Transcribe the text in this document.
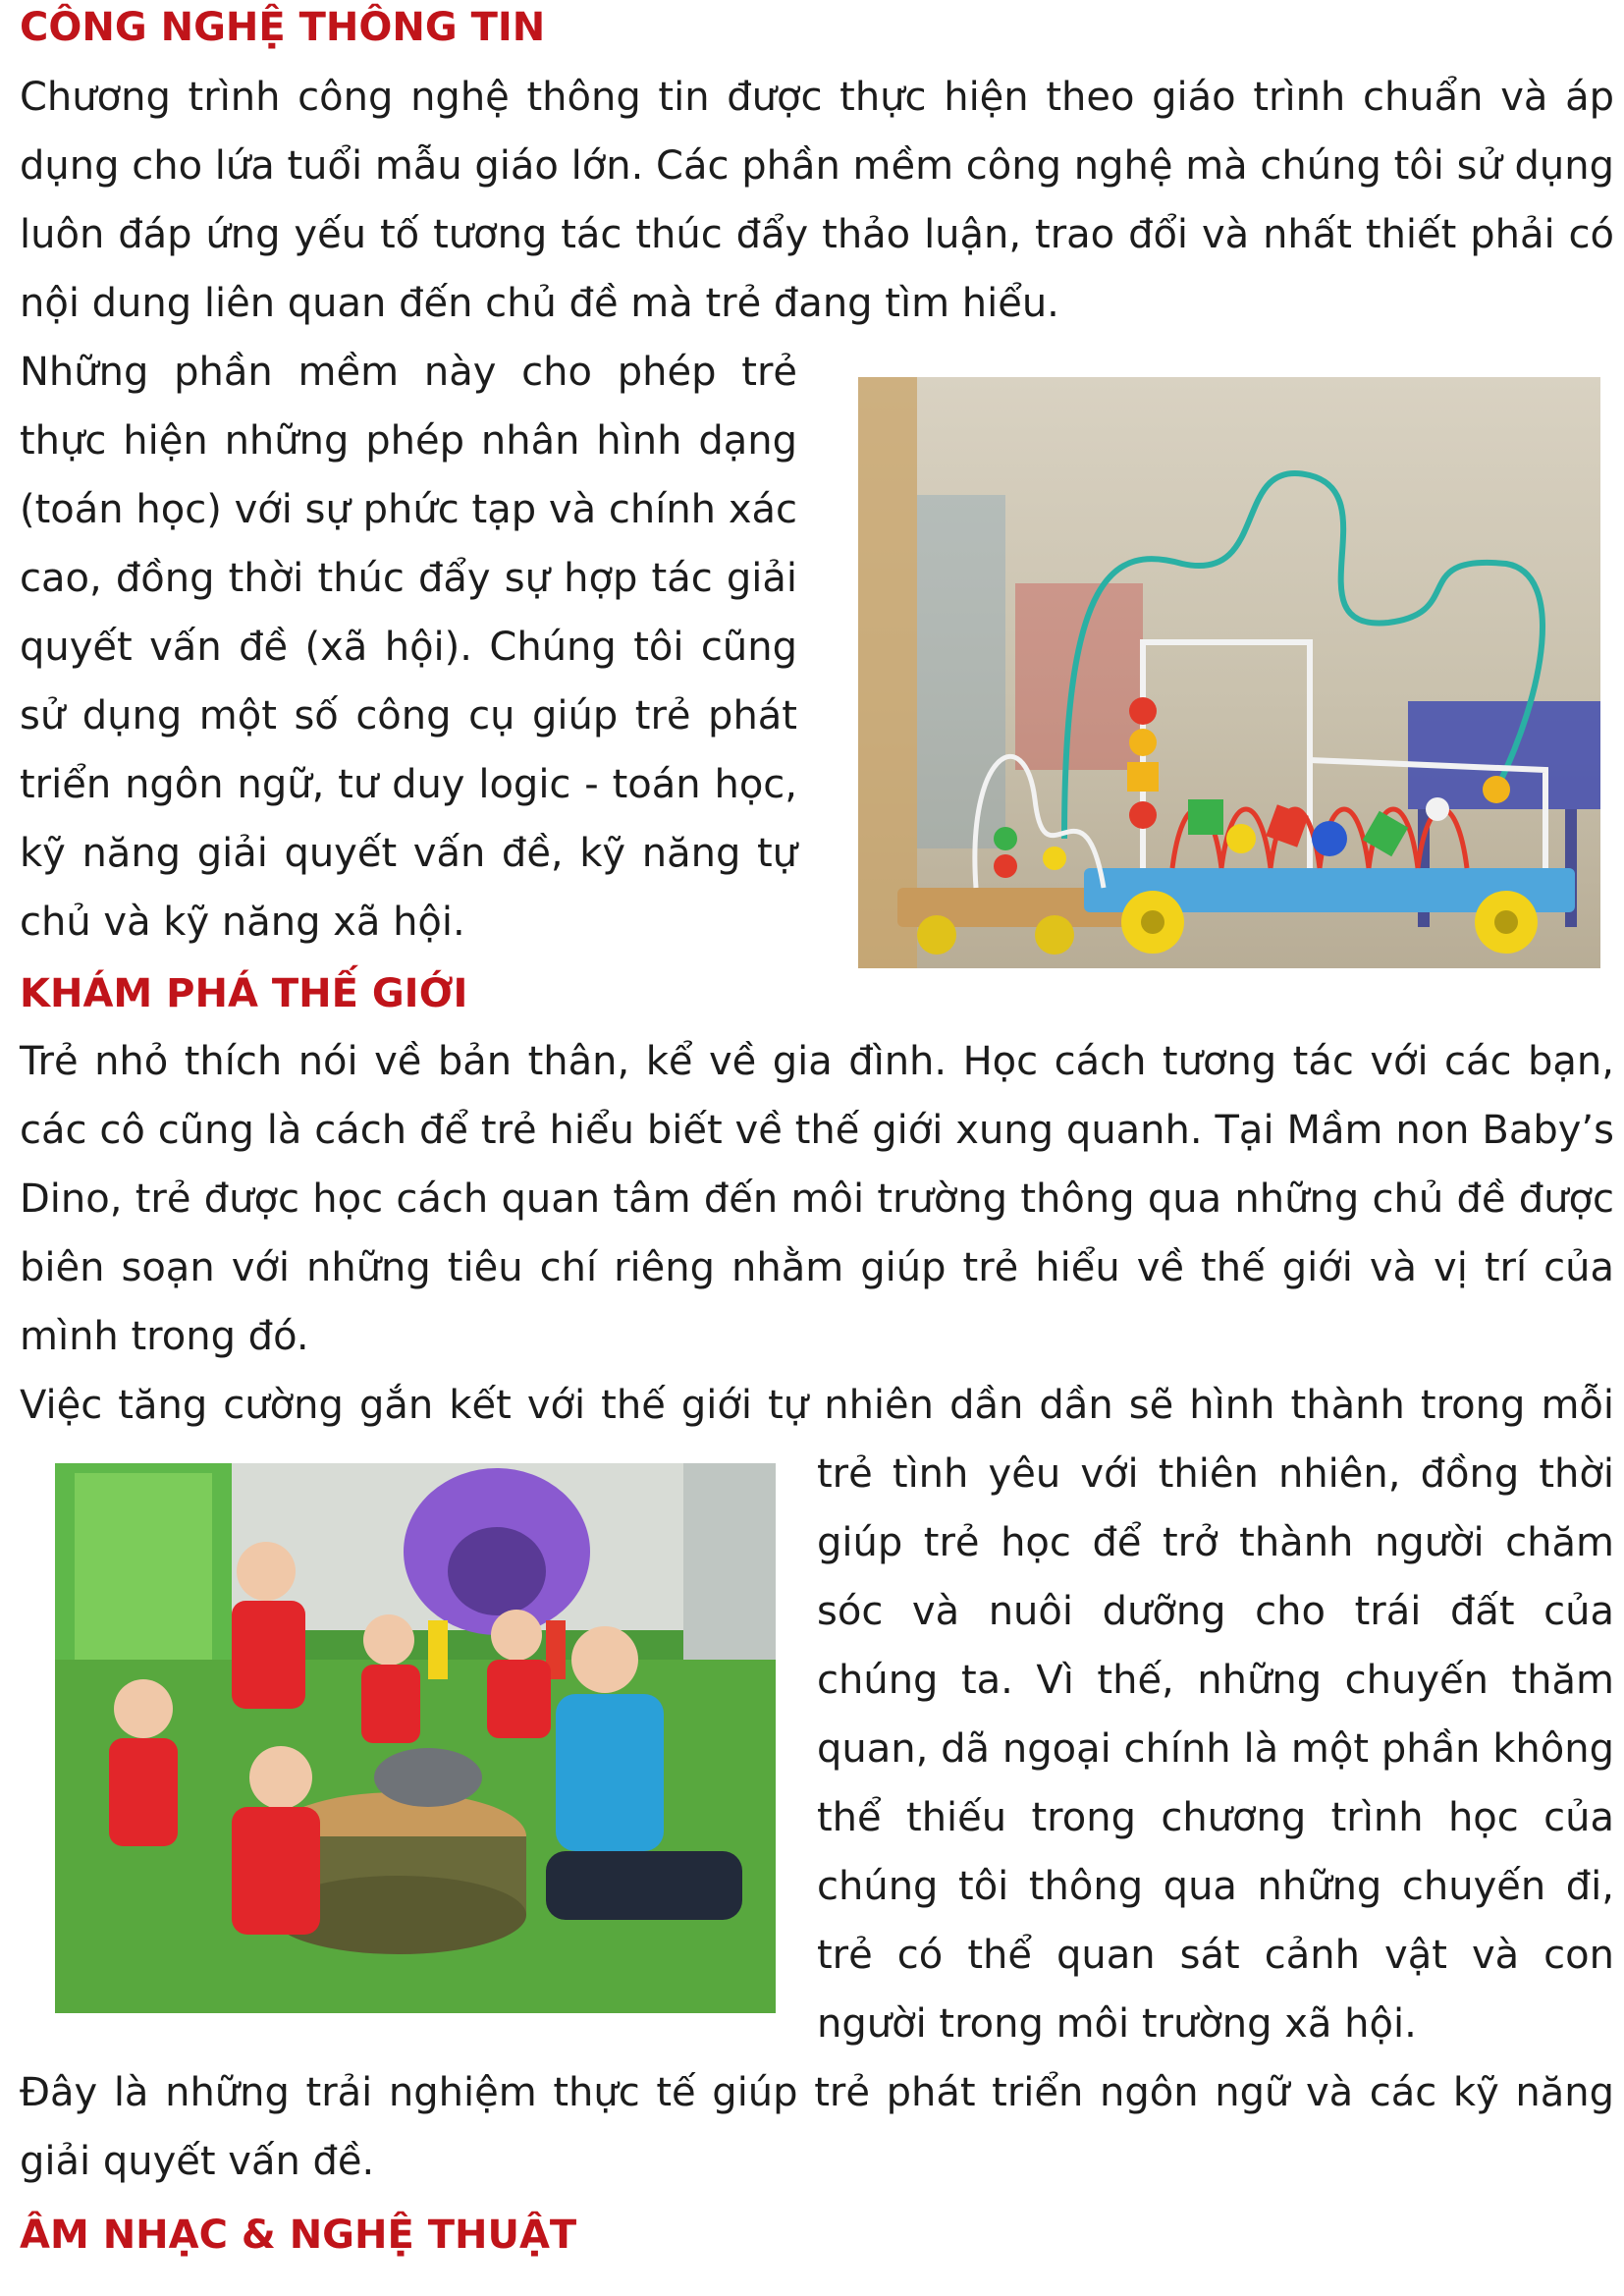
CÔNG NGHỆ THÔNG TIN

Chương trình công nghệ thông tin được thực hiện theo giáo trình chuẩn và áp dụng cho lứa tuổi mẫu giáo lớn. Các phần mềm công nghệ mà chúng tôi sử dụng luôn đáp ứng yếu tố tương tác thúc đẩy thảo luận, trao đổi và nhất thiết phải có nội dung liên quan đến chủ đề mà trẻ đang tìm hiểu.

Những phần mềm này cho phép trẻ thực hiện những phép nhân hình dạng (toán học) với sự phức tạp và chính xác cao, đồng thời thúc đẩy sự hợp tác giải quyết vấn đề (xã hội). Chúng tôi cũng sử dụng một số công cụ giúp trẻ phát triển ngôn ngữ, tư duy logic - toán học, kỹ năng giải quyết vấn đề, kỹ năng tự chủ và kỹ năng xã hội.

KHÁM PHÁ THẾ GIỚI

Trẻ nhỏ thích nói về bản thân, kể về gia đình. Học cách tương tác với các bạn, các cô cũng là cách để trẻ hiểu biết về thế giới xung quanh. Tại Mầm non Baby’s Dino, trẻ được học cách quan tâm đến môi trường thông qua những chủ đề được biên soạn với những tiêu chí riêng nhằm giúp trẻ hiểu về thế giới và vị trí của mình trong đó.

Việc tăng cường gắn kết với thế giới tự nhiên dần dần sẽ hình thành trong mỗi

trẻ tình yêu với thiên nhiên, đồng thời giúp trẻ học để trở thành người chăm sóc và nuôi dưỡng cho trái đất của chúng ta. Vì thế, những chuyến thăm quan, dã ngoại chính là một phần không thể thiếu trong chương trình học của chúng tôi thông qua những chuyến đi, trẻ có thể quan sát cảnh vật và con người trong môi trường xã hội.

Đây là những trải nghiệm thực tế giúp trẻ phát triển ngôn ngữ và các kỹ năng giải quyết vấn đề.

ÂM NHẠC & NGHỆ THUẬT
